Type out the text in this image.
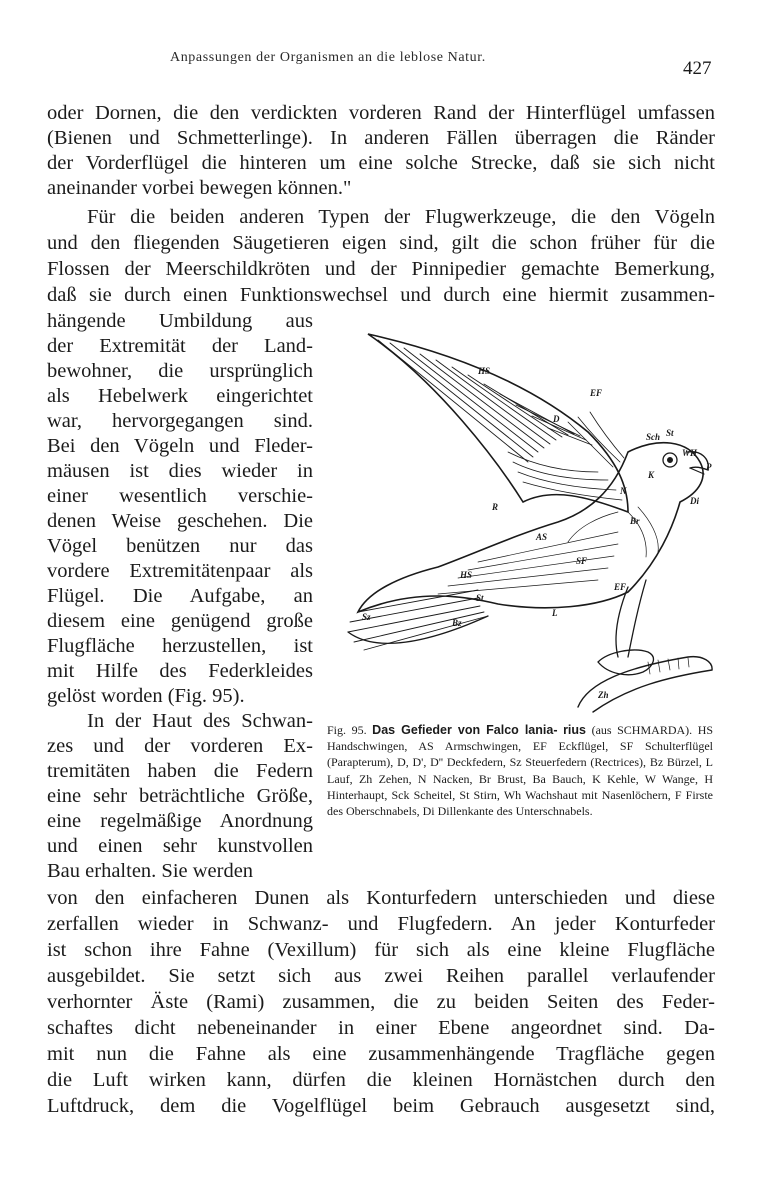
Anpassungen der Organismen an die leblose Natur.
427
oder Dornen, die den verdickten vorderen Rand der Hinterflügel umfassen
(Bienen und Schmetterlinge). In anderen Fällen überragen die Ränder
der Vorderflügel die hinteren um eine solche Strecke, daß sie sich nicht
aneinander vorbei bewegen können."
Für die beiden anderen Typen der Flugwerkzeuge, die den Vögeln
und den fliegenden Säugetieren eigen sind, gilt die schon früher für die
Flossen der Meerschildkröten und der Pinnipedier gemachte Bemerkung,
daß sie durch einen Funktionswechsel und durch eine hiermit zusammen-
hängende Umbildung aus
der Extremität der Land-
bewohner, die ursprünglich
als Hebelwerk eingerichtet
war, hervorgegangen sind.
Bei den Vögeln und Fleder-
mäusen ist dies wieder in
einer wesentlich verschie-
denen Weise geschehen. Die
Vögel benützen nur das
vordere Extremitätenpaar als
Flügel. Die Aufgabe, an
diesem eine genügend große
Flugfläche herzustellen, ist
mit Hilfe des Federkleides
gelöst worden (Fig. 95).
In der Haut des Schwan-
zes und der vorderen Ex-
tremitäten haben die Federn
eine sehr beträchtliche Größe,
eine regelmäßige Anordnung
und einen sehr kunstvollen
Bau erhalten. Sie werden
von den einfacheren Dunen als Konturfedern unterschieden und diese
zerfallen wieder in Schwanz- und Flugfedern. An jeder Konturfeder
ist schon ihre Fahne (Vexillum) für sich als eine kleine Flugfläche
ausgebildet. Sie setzt sich aus zwei Reihen parallel verlaufender
verhornter Äste (Rami) zusammen, die zu beiden Seiten des Feder-
schaftes dicht nebeneinander in einer Ebene angeordnet sind. Da-
mit nun die Fahne als eine zusammenhängende Tragfläche gegen
die Luft wirken kann, dürfen die kleinen Hornästchen durch den
Luftdruck, dem die Vogelflügel beim Gebrauch ausgesetzt sind,
HS
EF
Sch St
WH
P
Di
D
K
N
R
Br
AS
HS
SF
St
Sz
Bz
L
EF
Zh
Fig. 95. Das Gefieder von Falco lania- rius (aus SCHMARDA). HS Handschwingen, AS Armschwingen, EF Eckflügel, SF Schulterflügel (Parapterum), D, D', D'' Deckfedern, Sz Steuerfedern (Rectrices), Bz Bürzel, L Lauf, Zh Zehen, N Nacken, Br Brust, Ba Bauch, K Kehle, W Wange, H Hinterhaupt, Sck Scheitel, St Stirn, Wh Wachshaut mit Nasenlöchern, F Firste des Oberschnabels, Di Dillenkante des Unterschnabels.
